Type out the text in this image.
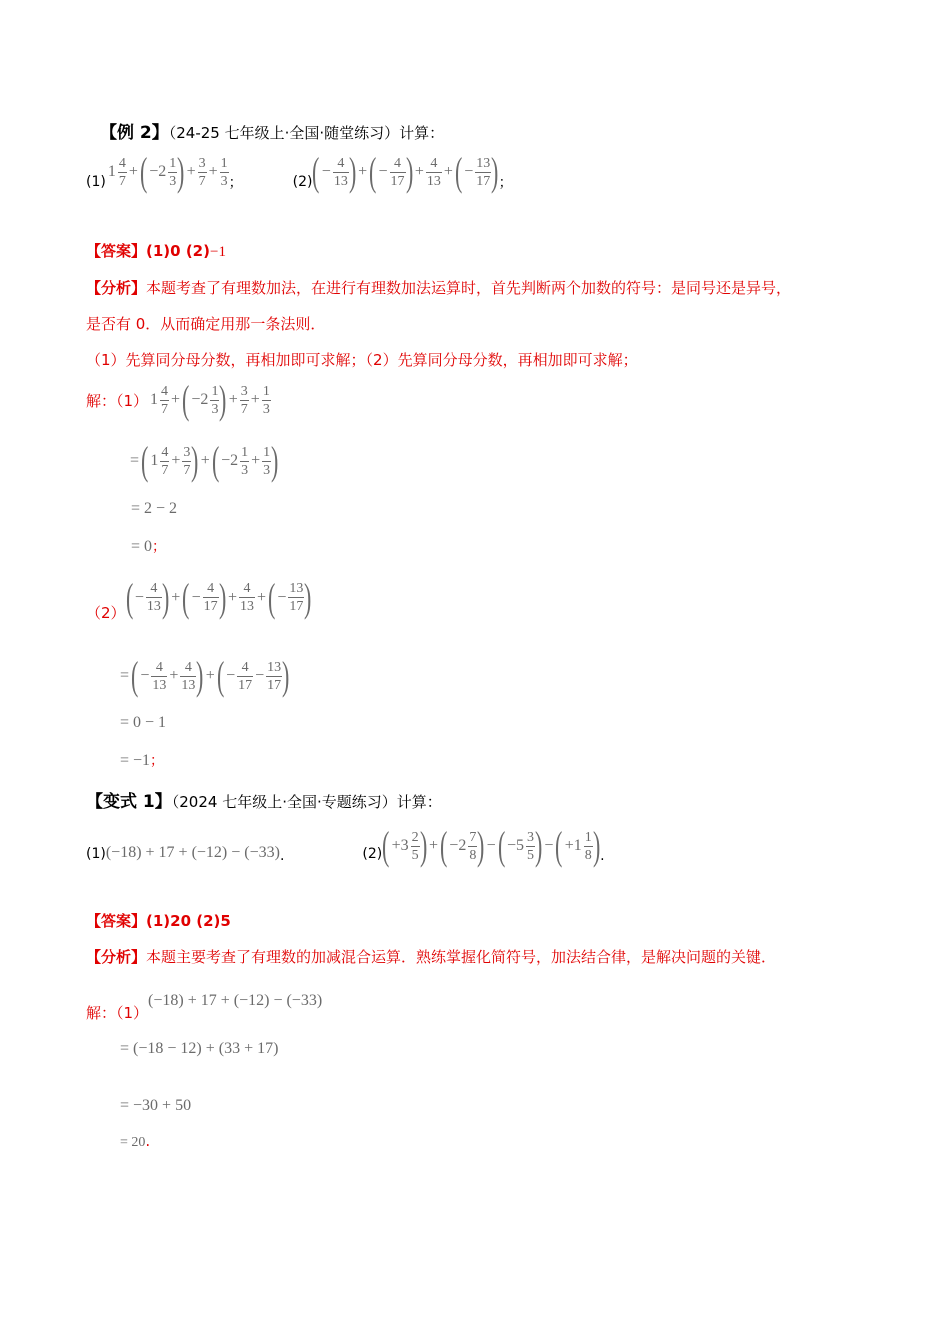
【例 2】（24-25 七年级上·全国·随堂练习）计算：
(1)
$1 \frac{4}{7}$ + ( $-2 \frac{1}{3}$ ) + $\frac{3}{7} + \frac{1}{3}$ ；	(2) ( − $\frac{4}{13}$ ) + ( − $\frac{4}{17}$ ) + $\frac{4}{13}$ + ( − $\frac{13}{17}$ ) ；
【答案】(1)0 (2)−1
【分析】本题考查了有理数加法，在进行有理数加法运算时，首先判断两个加数的符号：是同号还是异号，
是否有 0．从而确定用那一条法则．
（1）先算同分母分数，再相加即可求解；（2）先算同分母分数，再相加即可求解；
解：（1） $1 \frac{4}{7}$ + ( $-2 \frac{1}{3}$ ) + $\frac{3}{7} + \frac{1}{3}$
= ( $1 \frac{4}{7} + \frac{3}{7}$ ) + ( $-2 \frac{1}{3} + \frac{1}{3}$ )
= 2 − 2
= 0；
（2） ( − $\frac{4}{13}$ ) + ( − $\frac{4}{17}$ ) + $\frac{4}{13}$ + ( − $\frac{13}{17}$ )
= ( − $\frac{4}{13} + \frac{4}{13}$ ) + ( − $\frac{4}{17} - \frac{13}{17}$ )
= 0 − 1
= −1；
【变式 1】（2024 七年级上·全国·专题练习）计算：
(1) (−18) + 17 + (−12) − (−33) .	(2) ( $+3 \frac{2}{5}$ ) + ( $-2 \frac{7}{8}$ ) − ( $-5 \frac{3}{5}$ ) − ( $+1 \frac{1}{8}$ ) .
【答案】(1)20 (2)5
【分析】本题主要考查了有理数的加减混合运算．熟练掌握化简符号，加法结合律，是解决问题的关键．
解：（1）
(−18) + 17 + (−12) − (−33)
= (−18 − 12) + (33 + 17)
= −30 + 50
= 20.
